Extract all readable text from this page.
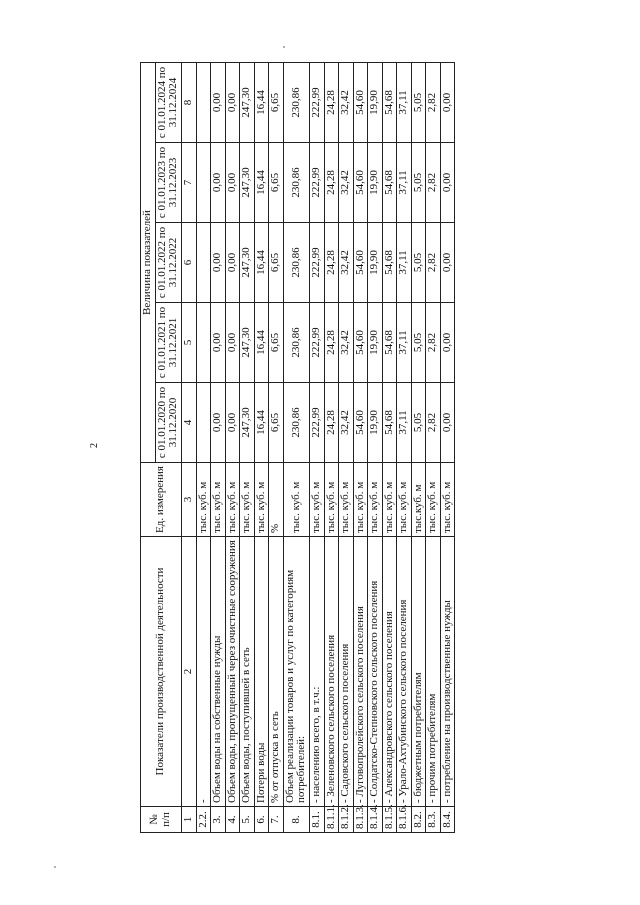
2
№ п/п	Показатели производственной деятельности	Ед. измерения	Величина показателей				
			с 01.01.2020 по 31.12.2020	с 01.01.2021 по 31.12.2021	с 01.01.2022 по 31.12.2022	с 01.01.2023 по 31.12.2023	с 01.01.2024 по 31.12.2024
1	2	3	4	5	6	7	8
2.2.	-	тыс. куб. м					
3.	Объем воды на собственные нужды	тыс. куб. м	0,00	0,00	0,00	0,00	0,00
4.	Объем воды, пропущенный через очистные сооружения	тыс. куб. м	0,00	0,00	0,00	0,00	0,00
5.	Объем воды, поступившей в сеть	тыс. куб. м	247,30	247,30	247,30	247,30	247,30
6.	Потери воды	тыс. куб. м	16,44	16,44	16,44	16,44	16,44
7.	% от отпуска в сеть	%	6,65	6,65	6,65	6,65	6,65
8.	Объем реализации товаров и услуг по категориям потребителей:	тыс. куб. м	230,86	230,86	230,86	230,86	230,86
8.1.	- населению всего, в т.ч.:	тыс. куб. м	222,99	222,99	222,99	222,99	222,99
8.1.1.	- Зеленовского сельского поселения	тыс. куб. м	24,28	24,28	24,28	24,28	24,28
8.1.2.	- Садовского сельского поселения	тыс. куб. м	32,42	32,42	32,42	32,42	32,42
8.1.3.	- Луговопролейского сельского поселения	тыс. куб. м	54,60	54,60	54,60	54,60	54,60
8.1.4.	- Солдатско-Степновского сельского поселения	тыс. куб. м	19,90	19,90	19,90	19,90	19,90
8.1.5.	- Александровского сельского поселения	тыс. куб. м	54,68	54,68	54,68	54,68	54,68
8.1.6.	- Урало-Ахтубинского сельского поселения	тыс. куб. м	37,11	37,11	37,11	37,11	37,11
8.2.	- бюджетным потребителям	тыс.куб. м	5,05	5,05	5,05	5,05	5,05
8.3.	- прочим потребителям	тыс. куб. м	2,82	2,82	2,82	2,82	2,82
8.4.	- потребление на производственные нужды	тыс. куб. м	0,00	0,00	0,00	0,00	0,00
